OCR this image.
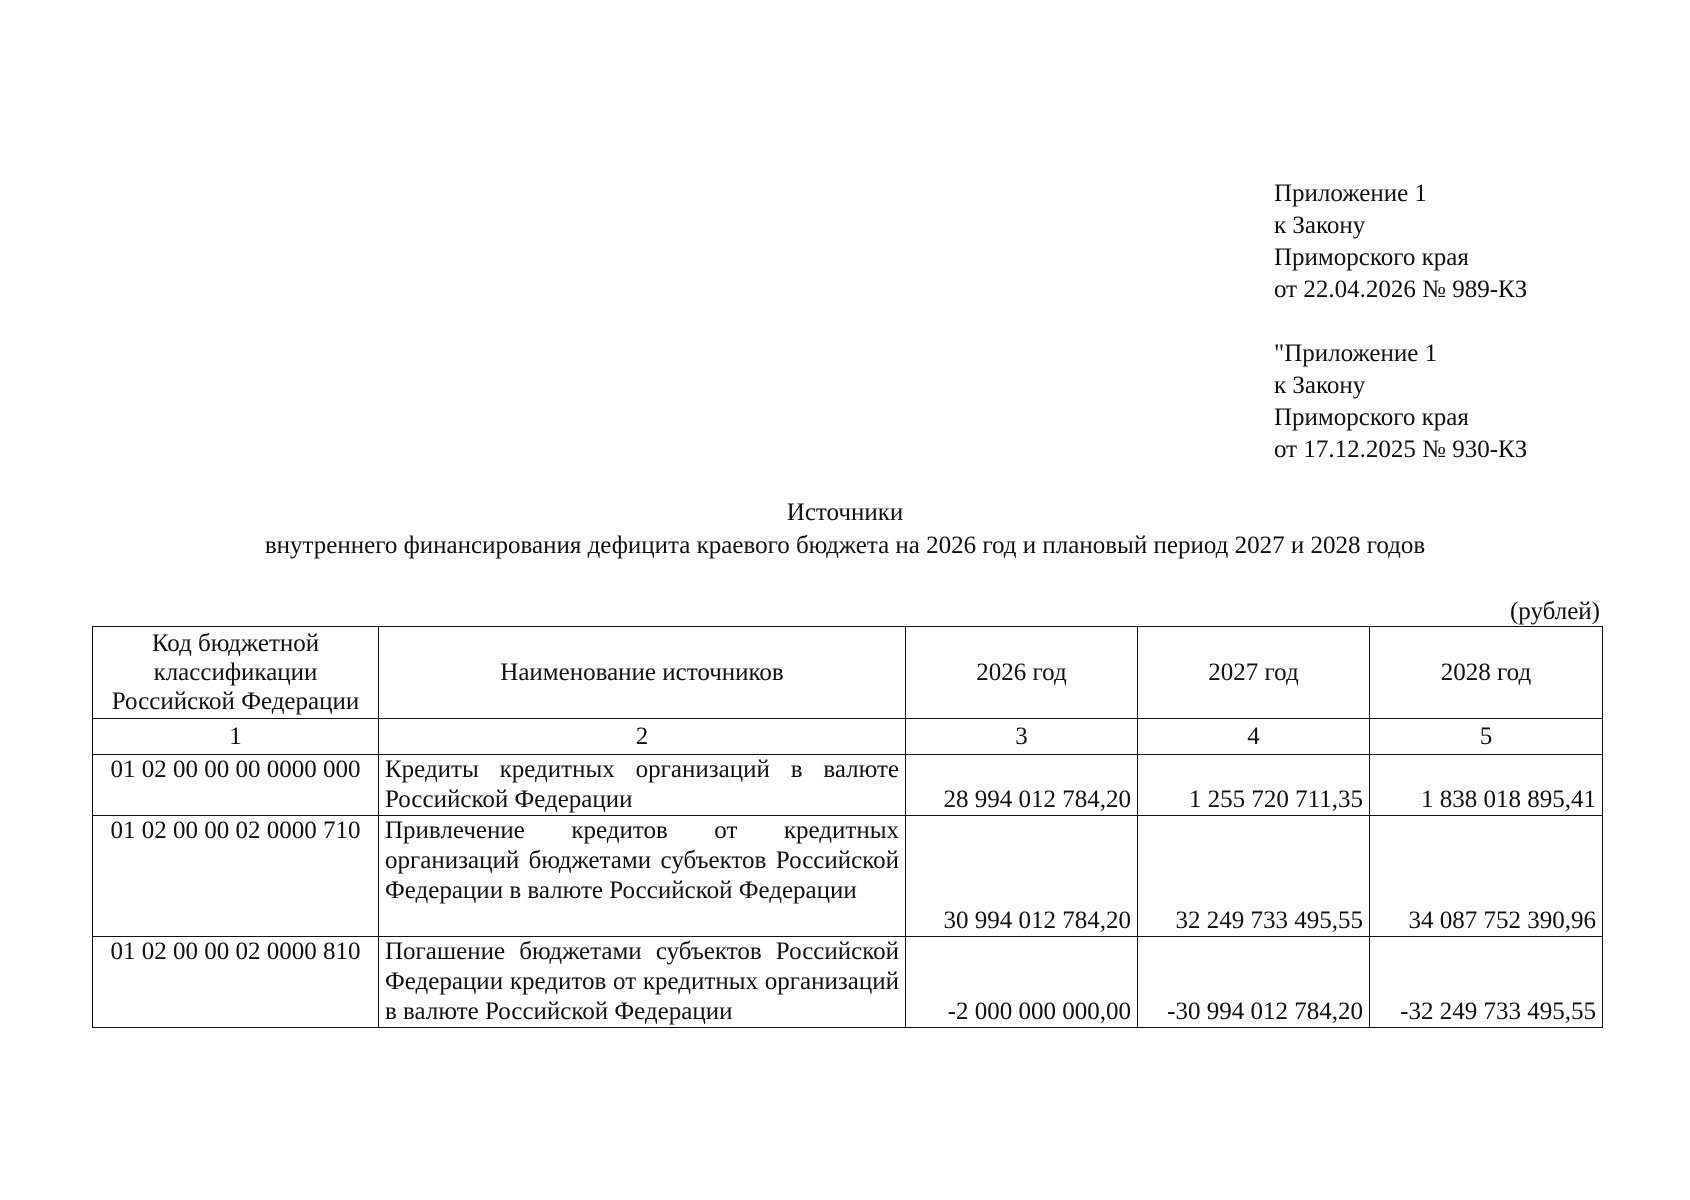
Приложение 1
к Закону
Приморского края
от 22.04.2026 № 989-КЗ
"Приложение 1
к Закону
Приморского края
от 17.12.2025 № 930-КЗ
Источники
внутреннего финансирования дефицита краевого бюджета на 2026 год и плановый период 2027 и 2028 годов
(рублей)
Код бюджетной классификации Российской Федерации	Наименование источников	2026 год	2027 год	2028 год
1	2	3	4	5
01 02 00 00 00 0000 000	Кредиты кредитных организаций в валюте Российской Федерации	28 994 012 784,20	1 255 720 711,35	1 838 018 895,41
01 02 00 00 02 0000 710	Привлечение кредитов от кредитных организаций бюджетами субъектов Российской Федерации в валюте Российской Федерации	30 994 012 784,20	32 249 733 495,55	34 087 752 390,96
01 02 00 00 02 0000 810	Погашение бюджетами субъектов Российской Федерации кредитов от кредитных организаций в валюте Российской Федерации	-2 000 000 000,00	-30 994 012 784,20	-32 249 733 495,55
